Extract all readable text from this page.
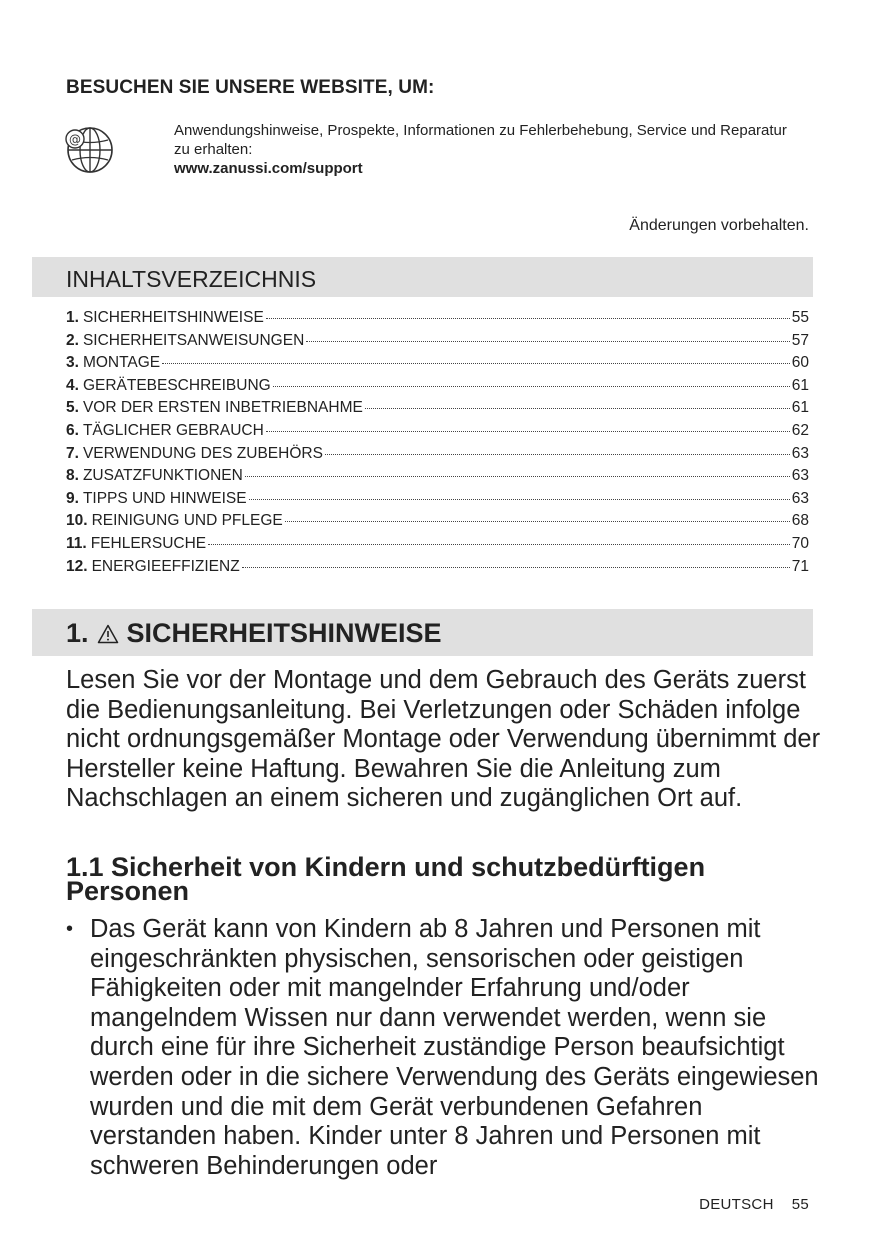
BESUCHEN SIE UNSERE WEBSITE, UM:
@
Anwendungshinweise, Prospekte, Informationen zu Fehlerbehebung, Service und Reparatur zu erhalten:
www.zanussi.com/support
Änderungen vorbehalten.
INHALTSVERZEICHNIS
1. SICHERHEITSHINWEISE	55
2. SICHERHEITSANWEISUNGEN	57
3. MONTAGE	60
4. GERÄTEBESCHREIBUNG	61
5. VOR DER ERSTEN INBETRIEBNAHME	61
6. TÄGLICHER GEBRAUCH	62
7. VERWENDUNG DES ZUBEHÖRS	63
8. ZUSATZFUNKTIONEN	63
9. TIPPS UND HINWEISE	63
10. REINIGUNG UND PFLEGE	68
11. FEHLERSUCHE	70
12. ENERGIEEFFIZIENZ	71
1. SICHERHEITSHINWEISE

Lesen Sie vor der Montage und dem Gebrauch des Geräts zuerst die Bedienungsanleitung. Bei Verletzungen oder Schäden infolge nicht ordnungsgemäßer Montage oder Verwendung übernimmt der Hersteller keine Haftung. Bewahren Sie die Anleitung zum Nachschlagen an einem sicheren und zugänglichen Ort auf.

1.1 Sicherheit von Kindern und schutzbedürftigen Personen
• Das Gerät kann von Kindern ab 8 Jahren und Personen mit eingeschränkten physischen, sensorischen oder geistigen Fähigkeiten oder mit mangelnder Erfahrung und/oder mangelndem Wissen nur dann verwendet werden, wenn sie durch eine für ihre Sicherheit zuständige Person beaufsichtigt werden oder in die sichere Verwendung des Geräts eingewiesen wurden und die mit dem Gerät verbundenen Gefahren verstanden haben. Kinder unter 8 Jahren und Personen mit schweren Behinderungen oder
DEUTSCH 55
